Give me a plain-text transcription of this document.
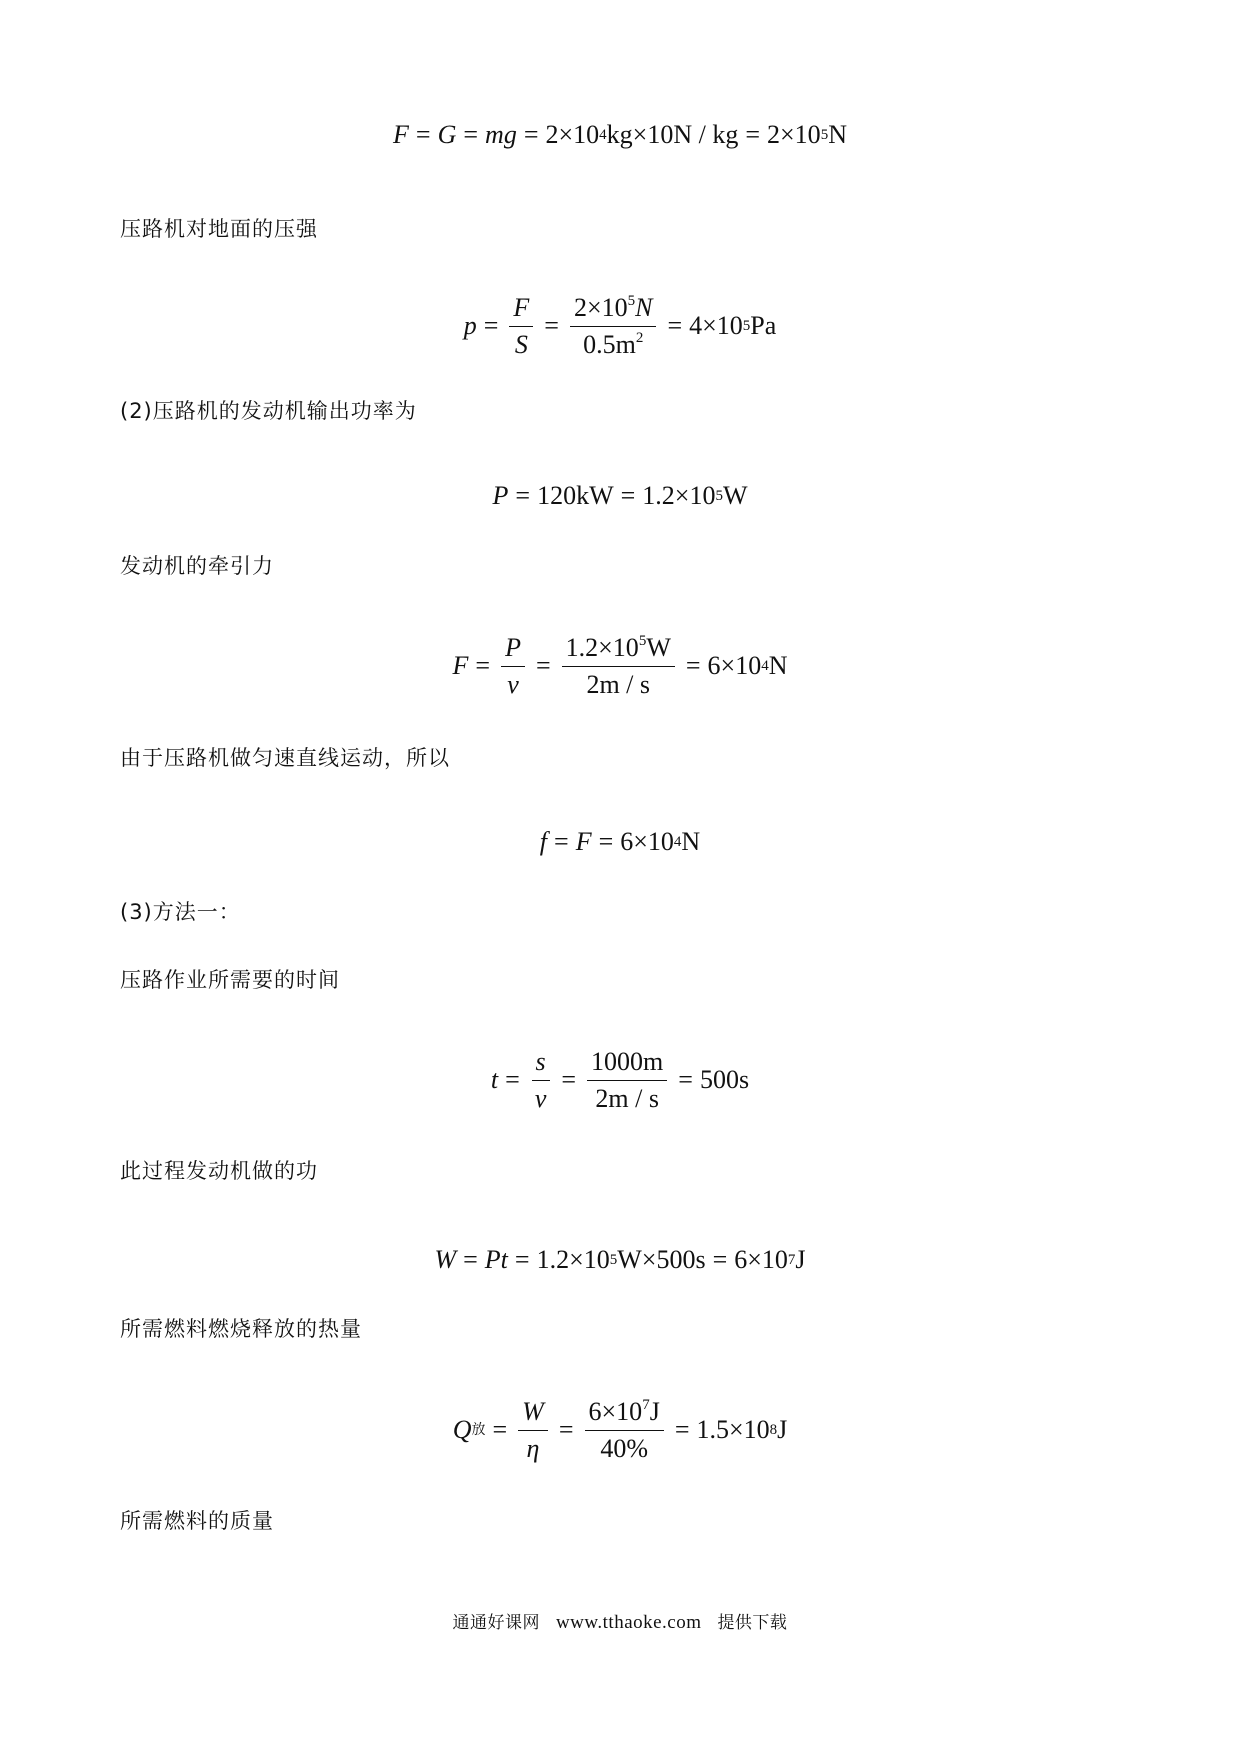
F = G = mg = 2×10 4 kg×10N / kg = 2×10 5 N
压路机对地面的压强
$p = \frac{F}{S} = \frac{2\times 10^5N}{0.5m^2} = 4\times 10$ 5 Pa
(2)压路机的发动机输出功率为
P = 120kW = 1.2×10 5 W
发动机的牵引力
$F = \frac{P}{v} = \frac{1.2\times 10^5W}{2m / s} = 6\times 10$ 4 N
由于压路机做匀速直线运动，所以
f = F = 6×10 4 N
(3)方法一：
压路作业所需要的时间
$t = \frac{s}{v} = \frac{1000m}{2m / s} = 500s$
此过程发动机做的功
W = Pt = 1.2×10 5 W×500s = 6×10 7 J
所需燃料燃烧释放的热量
Q 放 = $\frac{W}{\eta} = \frac{6\times 10^7J}{40\%} = 1.5\times 10$ 8 J
所需燃料的质量
通通好课网 www.tthaoke.com 提供下载
